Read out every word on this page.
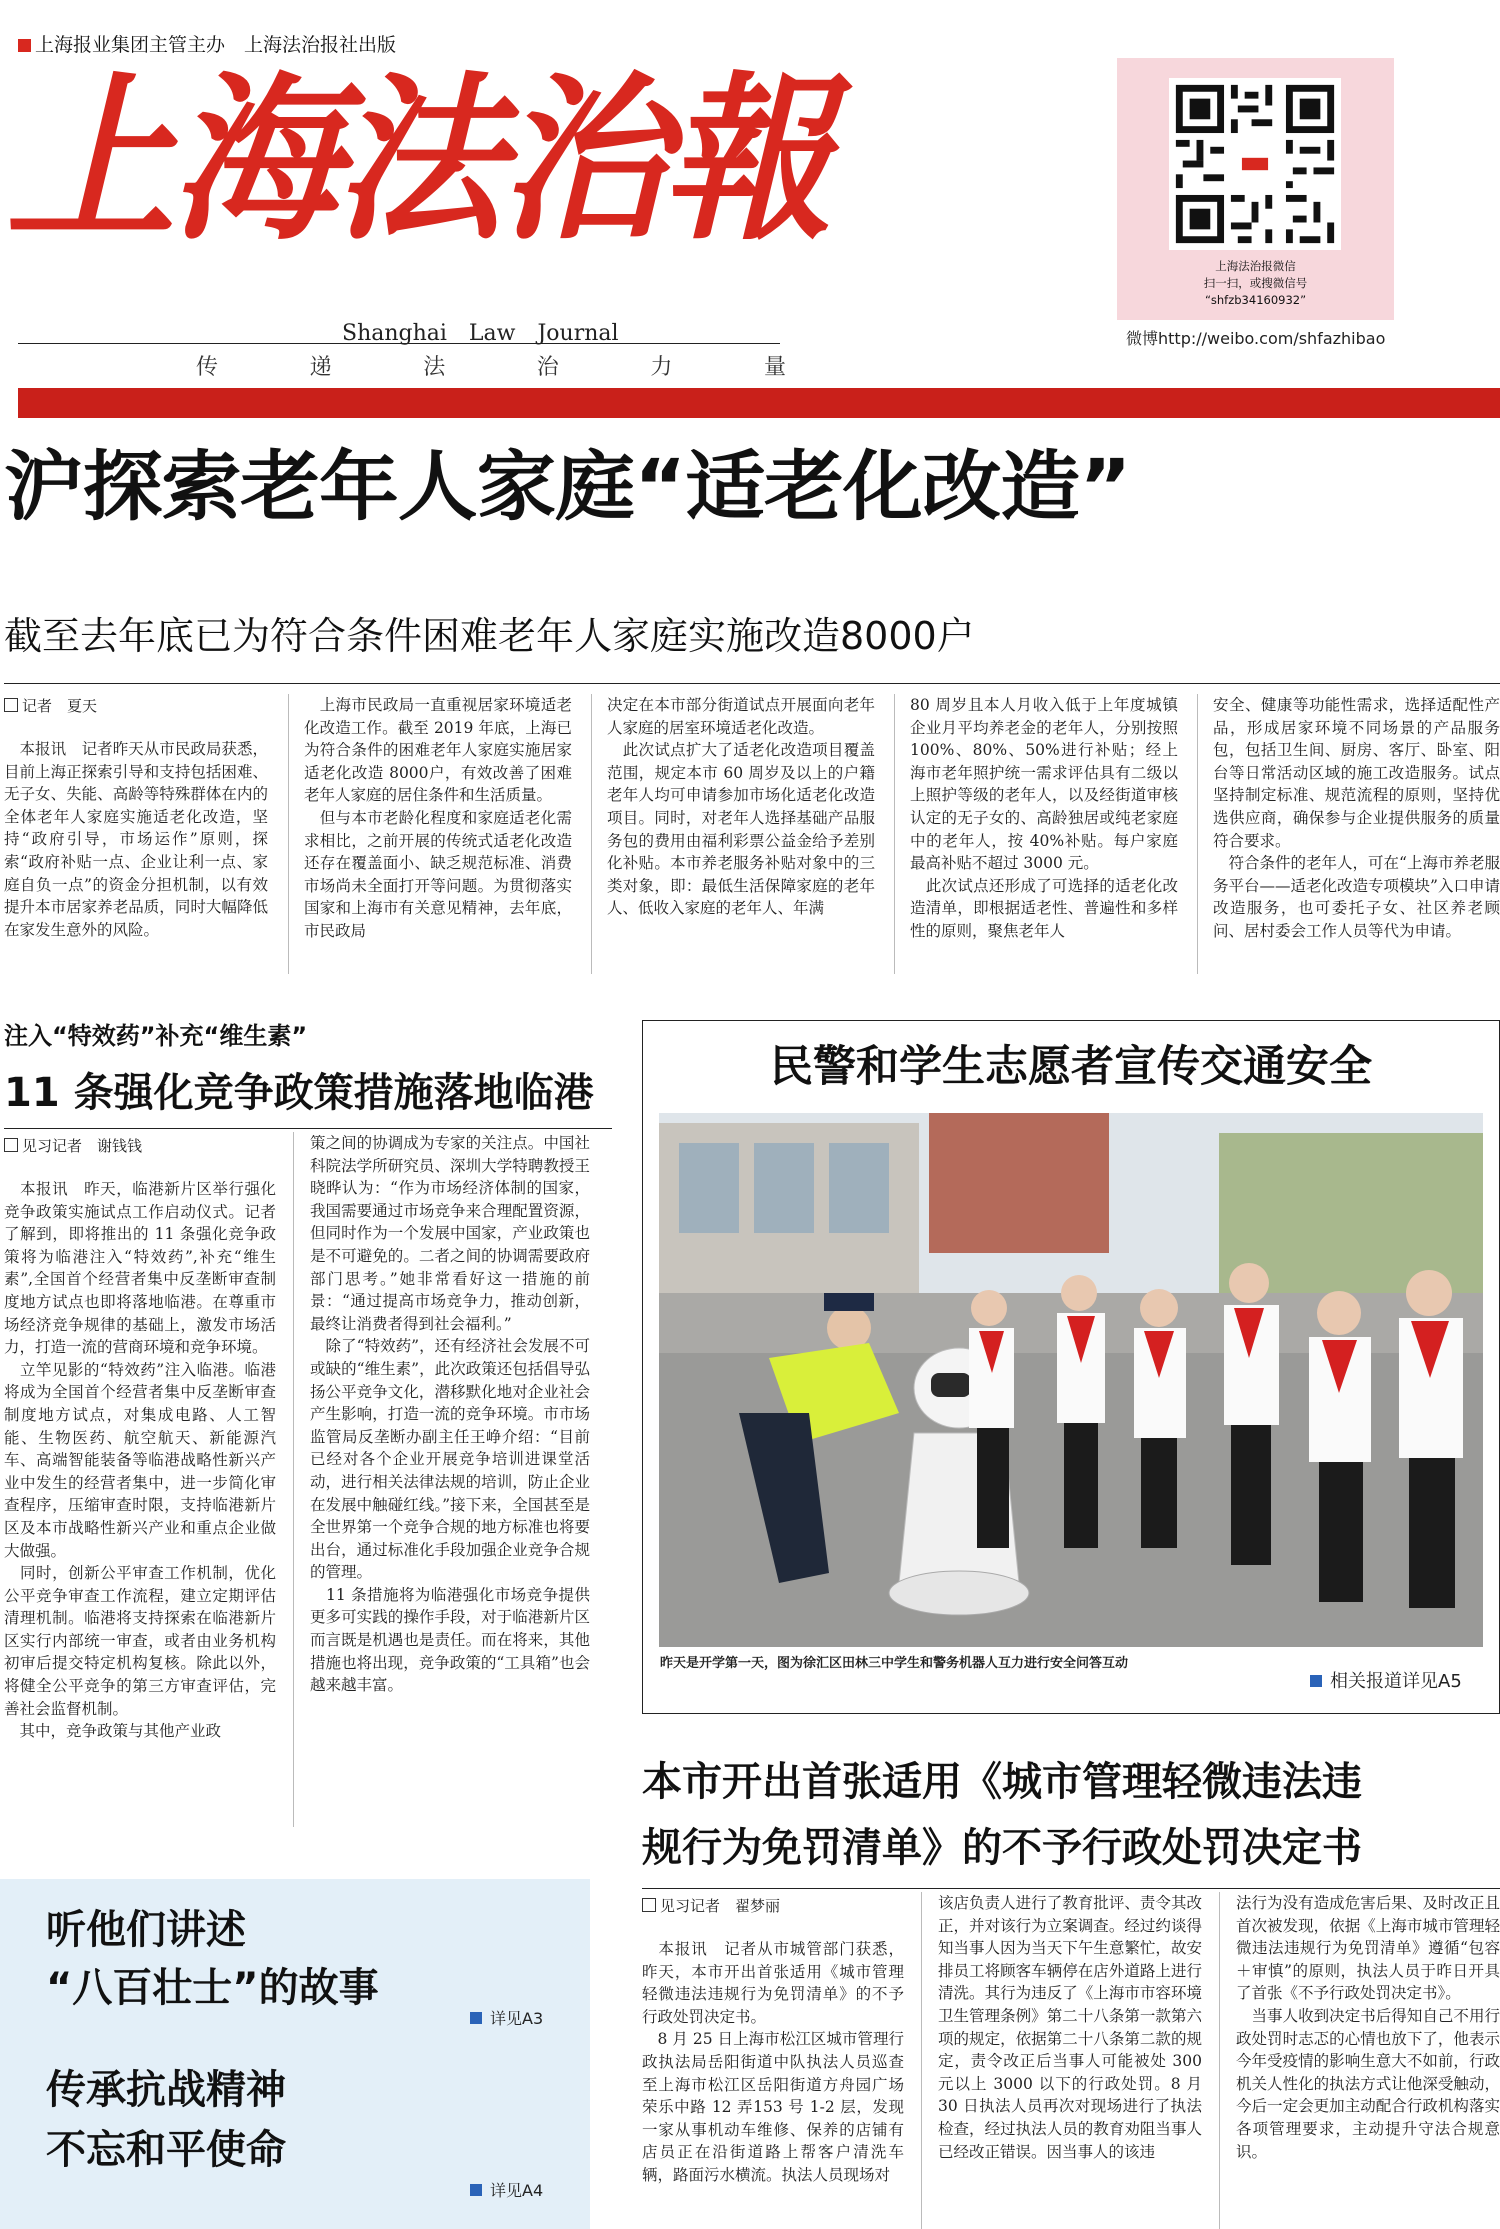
上海报业集团主管主办　上海法治报社出版
上海法治報
Shanghai　Law　Journal
传	递	法	治	力	量
上海法治报微信
扫一扫，或搜微信号
“shfzb34160932”
微博http://weibo.com/shfazhibao

总第 6347 期　2020 年 9 月 2 日　星期三　农历七月十五　国内统一连续出版物号:CN 31-0011　邮发代号:3-30　今日十六版　新闻热线:64179999　网站:www.shfzb.com.cn

沪探索老年人家庭“适老化改造”
截至去年底已为符合条件困难老年人家庭实施改造8000户
记者　夏天
　本报讯　记者昨天从市民政局获悉，目前上海正探索引导和支持包括困难、无子女、失能、高龄等特殊群体在内的全体老年人家庭实施适老化改造，坚持“政府引导，市场运作”原则，探索“政府补贴一点、企业让利一点、家庭自负一点”的资金分担机制，以有效提升本市居家养老品质，同时大幅降低在家发生意外的风险。
　上海市民政局一直重视居家环境适老化改造工作。截至 2019 年底，上海已为符合条件的困难老年人家庭实施居家适老化改造 8000户，有效改善了困难老年人家庭的居住条件和生活质量。
　但与本市老龄化程度和家庭适老化需求相比，之前开展的传统式适老化改造还存在覆盖面小、缺乏规范标准、消费市场尚未全面打开等问题。为贯彻落实国家和上海市有关意见精神，去年底，市民政局
决定在本市部分街道试点开展面向老年人家庭的居室环境适老化改造。
　此次试点扩大了适老化改造项目覆盖范围，规定本市 60 周岁及以上的户籍老年人均可申请参加市场化适老化改造项目。同时，对老年人选择基础产品服务包的费用由福利彩票公益金给予差别化补贴。本市养老服务补贴对象中的三类对象，即：最低生活保障家庭的老年人、低收入家庭的老年人、年满
80 周岁且本人月收入低于上年度城镇企业月平均养老金的老年人，分别按照 100%、80%、50%进行补贴；经上海市老年照护统一需求评估具有二级以上照护等级的老年人，以及经街道审核认定的无子女的、高龄独居或纯老家庭中的老年人，按 40%补贴。每户家庭最高补贴不超过 3000 元。
　此次试点还形成了可选择的适老化改造清单，即根据适老性、普遍性和多样性的原则，聚焦老年人
安全、健康等功能性需求，选择适配性产品，形成居家环境不同场景的产品服务包，包括卫生间、厨房、客厅、卧室、阳台等日常活动区域的施工改造服务。试点坚持制定标准、规范流程的原则，坚持优选供应商，确保参与企业提供服务的质量符合要求。
　符合条件的老年人，可在“上海市养老服务平台——适老化改造专项模块”入口申请改造服务，也可委托子女、社区养老顾问、居村委会工作人员等代为申请。
注入“特效药”补充“维生素”
11 条强化竞争政策措施落地临港
见习记者　谢钱钱
　本报讯　昨天，临港新片区举行强化竞争政策实施试点工作启动仪式。记者了解到，即将推出的 11 条强化竞争政策将为临港注入“特效药”,补充“维生素”,全国首个经营者集中反垄断审查制度地方试点也即将落地临港。在尊重市场经济竞争规律的基础上，激发市场活力，打造一流的营商环境和竞争环境。
　立竿见影的“特效药”注入临港。临港将成为全国首个经营者集中反垄断审查制度地方试点，对集成电路、人工智能、生物医药、航空航天、新能源汽车、高端智能装备等临港战略性新兴产业中发生的经营者集中，进一步简化审查程序，压缩审查时限，支持临港新片区及本市战略性新兴产业和重点企业做大做强。
　同时，创新公平审查工作机制，优化公平竞争审查工作流程，建立定期评估清理机制。临港将支持探索在临港新片区实行内部统一审查，或者由业务机构初审后提交特定机构复核。除此以外，将健全公平竞争的第三方审查评估，完善社会监督机制。
　其中，竞争政策与其他产业政
策之间的协调成为专家的关注点。中国社科院法学所研究员、深圳大学特聘教授王晓晔认为：“作为市场经济体制的国家，我国需要通过市场竞争来合理配置资源，但同时作为一个发展中国家，产业政策也是不可避免的。二者之间的协调需要政府部门思考。”她非常看好这一措施的前景：“通过提高市场竞争力，推动创新，最终让消费者得到社会福利。”
　除了“特效药”，还有经济社会发展不可或缺的“维生素”，此次政策还包括倡导弘扬公平竞争文化，潜移默化地对企业社会产生影响，打造一流的竞争环境。市市场监管局反垄断办副主任王峥介绍：“目前已经对各个企业开展竞争培训进课堂活动，进行相关法律法规的培训，防止企业在发展中触碰红线。”接下来，全国甚至是全世界第一个竞争合规的地方标准也将要出台，通过标准化手段加强企业竞争合规的管理。
　11 条措施将为临港强化市场竞争提供更多可实践的操作手段，对于临港新片区而言既是机遇也是责任。而在将来，其他措施也将出现，竞争政策的“工具箱”也会越来越丰富。
民警和学生志愿者宣传交通安全
昨天是开学第一天，图为徐汇区田林三中学生和警务机器人互力进行安全问答互动
相关报道详见A5
听他们讲述
“八百壮士”的故事
详见A3
传承抗战精神
不忘和平使命
详见A4
本市开出首张适用《城市管理轻微违法违
规行为免罚清单》的不予行政处罚决定书
见习记者　翟梦丽
　本报讯　记者从市城管部门获悉，昨天，本市开出首张适用《城市管理轻微违法违规行为免罚清单》的不予行政处罚决定书。
　8 月 25 日上海市松江区城市管理行政执法局岳阳街道中队执法人员巡查至上海市松江区岳阳街道方舟园广场荣乐中路 12 弄153 号 1-2 层，发现一家从事机动车维修、保养的店铺有店员正在沿街道路上帮客户清洗车辆，路面污水横流。执法人员现场对
该店负责人进行了教育批评、责令其改正，并对该行为立案调查。经过约谈得知当事人因为当天下午生意繁忙，故安排员工将顾客车辆停在店外道路上进行清洗。其行为违反了《上海市市容环境卫生管理条例》第二十八条第一款第六项的规定，依据第二十八条第二款的规定，责令改正后当事人可能被处 300 元以上 3000 以下的行政处罚。8 月 30 日执法人员再次对现场进行了执法检查，经过执法人员的教育劝阻当事人已经改正错误。因当事人的该违
法行为没有造成危害后果、及时改正且首次被发现，依据《上海市城市管理轻微违法违规行为免罚清单》遵循“包容＋审慎”的原则，执法人员于昨日开具了首张《不予行政处罚决定书》。
　当事人收到决定书后得知自己不用行政处罚时志忑的心情也放下了，他表示今年受疫情的影响生意大不如前，行政机关人性化的执法方式让他深受触动，今后一定会更加主动配合行政机构落实各项管理要求，主动提升守法合规意识。
